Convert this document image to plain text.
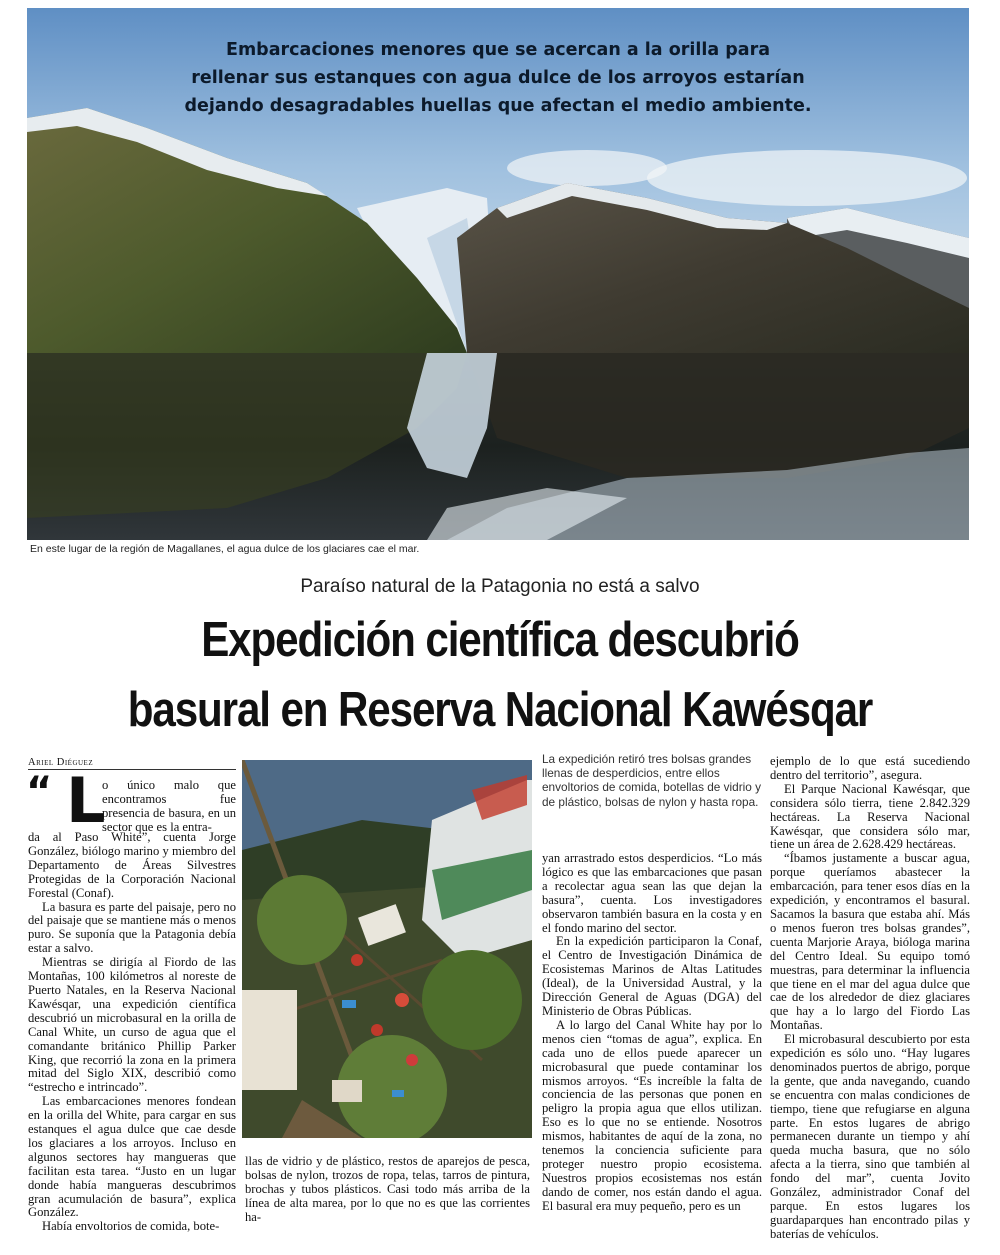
Embarcaciones menores que se acercan a la orilla para
rellenar sus estanques con agua dulce de los arroyos estarían
dejando desagradables huellas que afectan el medio ambiente.
En este lugar de la región de Magallanes, el agua dulce de los glaciares cae el mar.
Paraíso natural de la Patagonia no está a salvo
Expedición científica descubrió
basural en Reserva Nacional Kawésqar
Ariel Diéguez
“ L

o único malo que encontramos fue presencia de basura, en un sector que es la entra-

da al Paso White”, cuenta Jorge González, biólogo marino y miembro del Departamento de Áreas Silvestres Protegidas de la Corporación Nacional Forestal (Conaf).

La basura es parte del paisaje, pero no del paisaje que se mantiene más o menos puro. Se suponía que la Patagonia debía estar a salvo.

Mientras se dirigía al Fiordo de las Montañas, 100 kilómetros al noreste de Puerto Natales, en la Reserva Nacional Kawésqar, una expedición científica descubrió un microbasural en la orilla de Canal White, un curso de agua que el comandante británico Phillip Parker King, que recorrió la zona en la primera mitad del Siglo XIX, describió como “estrecho e intrincado”.

Las embarcaciones menores fondean en la orilla del White, para cargar en sus estanques el agua dulce que cae desde los glaciares a los arroyos. Incluso en algunos sectores hay mangueras que facilitan esta tarea. “Justo en un lugar donde había mangueras descubrimos gran acumulación de basura”, explica González.

Había envoltorios de comida, bote-

La expedición retiró tres bolsas grandes llenas de desperdicios, entre ellos envoltorios de comida, botellas de vidrio y de plástico, bolsas de nylon y hasta ropa.

yan arrastrado estos desperdicios. “Lo más lógico es que las embarcaciones que pasan a recolectar agua sean las que dejan la basura”, cuenta. Los investigadores observaron también basura en la costa y en el fondo marino del sector.

En la expedición participaron la Conaf, el Centro de Investigación Dinámica de Ecosistemas Marinos de Altas Latitudes (Ideal), de la Universidad Austral, y la Dirección General de Aguas (DGA) del Ministerio de Obras Públicas.

A lo largo del Canal White hay por lo menos cien “tomas de agua”, explica. En cada uno de ellos puede aparecer un microbasural que puede contaminar los mismos arroyos. “Es increíble la falta de conciencia de las personas que ponen en peligro la propia agua que ellos utilizan. Eso es lo que no se entiende. Nosotros mismos, habitantes de aquí de la zona, no tenemos la conciencia suficiente para proteger nuestro propio ecosistema. Nuestros propios ecosistemas nos están dando de comer, nos están dando el agua. El basural era muy pequeño, pero es un

ejemplo de lo que está sucediendo dentro del territorio”, asegura.

El Parque Nacional Kawésqar, que considera sólo tierra, tiene 2.842.329 hectáreas. La Reserva Nacional Kawésqar, que considera sólo mar, tiene un área de 2.628.429 hectáreas.

“Íbamos justamente a buscar agua, porque queríamos abastecer la embarcación, para tener esos días en la expedición, y encontramos el basural. Sacamos la basura que estaba ahí. Más o menos fueron tres bolsas grandes”, cuenta Marjorie Araya, bióloga marina del Centro Ideal. Su equipo tomó muestras, para determinar la influencia que tiene en el mar del agua dulce que cae de los alrededor de diez glaciares que hay a lo largo del Fiordo Las Montañas.

El microbasural descubierto por esta expedición es sólo uno. “Hay lugares denominados puertos de abrigo, porque la gente, que anda navegando, cuando se encuentra con malas condiciones de tiempo, tiene que refugiarse en alguna parte. En estos lugares de abrigo permanecen durante un tiempo y ahí queda mucha basura, que no sólo afecta a la tierra, sino que también al fondo del mar”, cuenta Jovito González, administrador Conaf del parque. En estos lugares los guardaparques han encontrado pilas y baterías de vehículos.

llas de vidrio y de plástico, restos de aparejos de pesca, bolsas de nylon, trozos de ropa, telas, tarros de pintura, brochas y tubos plásticos. Casi todo más arriba de la línea de alta marea, por lo que no es que las corrientes ha-
